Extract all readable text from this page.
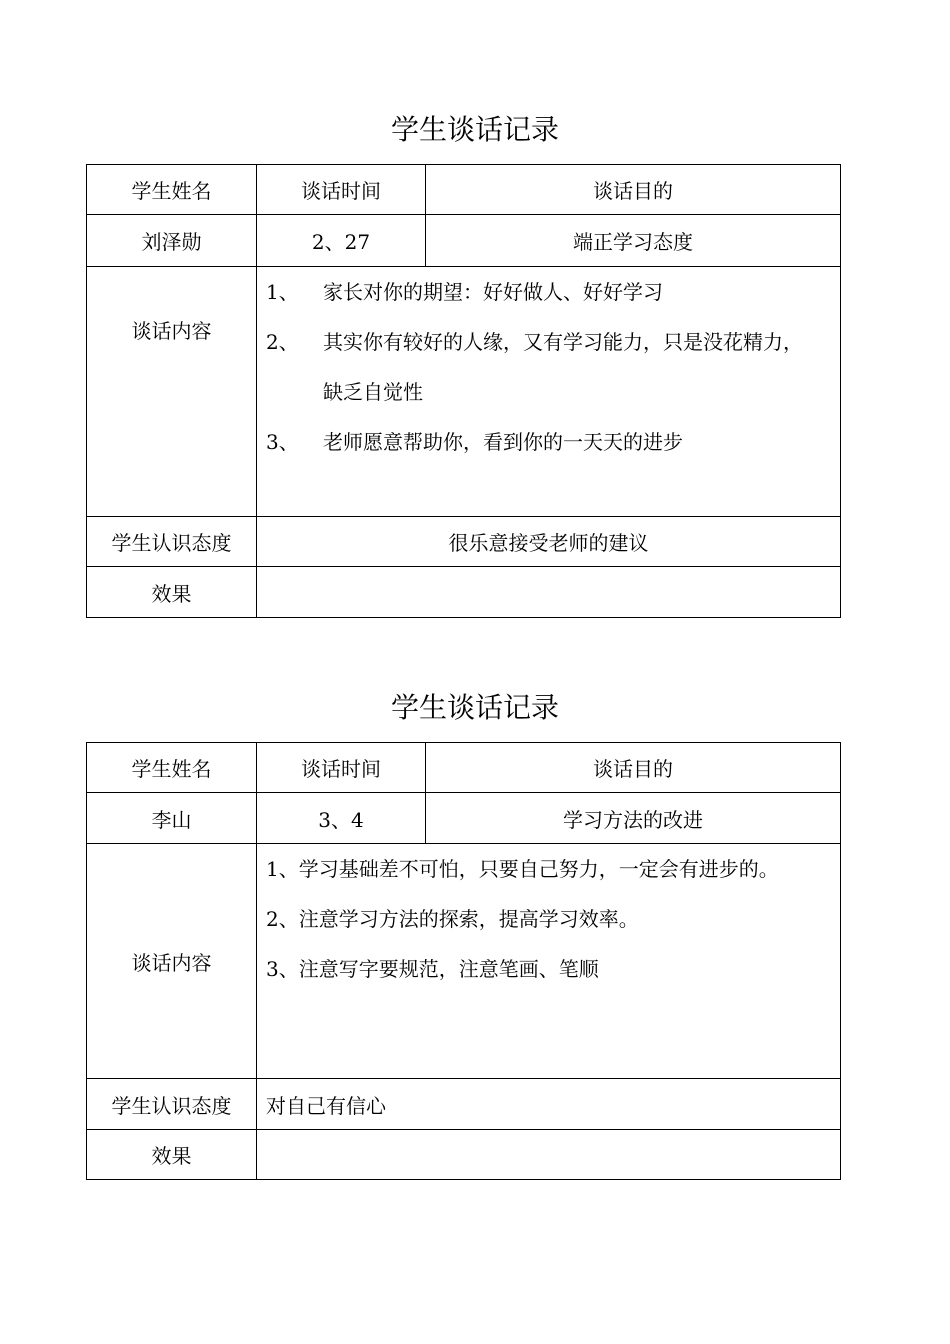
学生谈话记录
学生姓名	谈话时间	谈话目的
刘泽勋	2、27	端正学习态度
谈话内容	1、 家长对你的期望：好好做人、好好学习
2、 其实你有较好的人缘，又有学习能力，只是没花精力，
缺乏自觉性
3、 老师愿意帮助你，看到你的一天天的进步	

学生认识态度	很乐意接受老师的建议	
效果		
学生谈话记录
学生姓名	谈话时间	谈话目的
李山	3、4	学习方法的改进
谈话内容	1、学习基础差不可怕，只要自己努力，一定会有进步的。
2、注意学习方法的探索，提高学习效率。
3、注意写字要规范，注意笔画、笔顺	

学生认识态度	对自己有信心	
效果		
